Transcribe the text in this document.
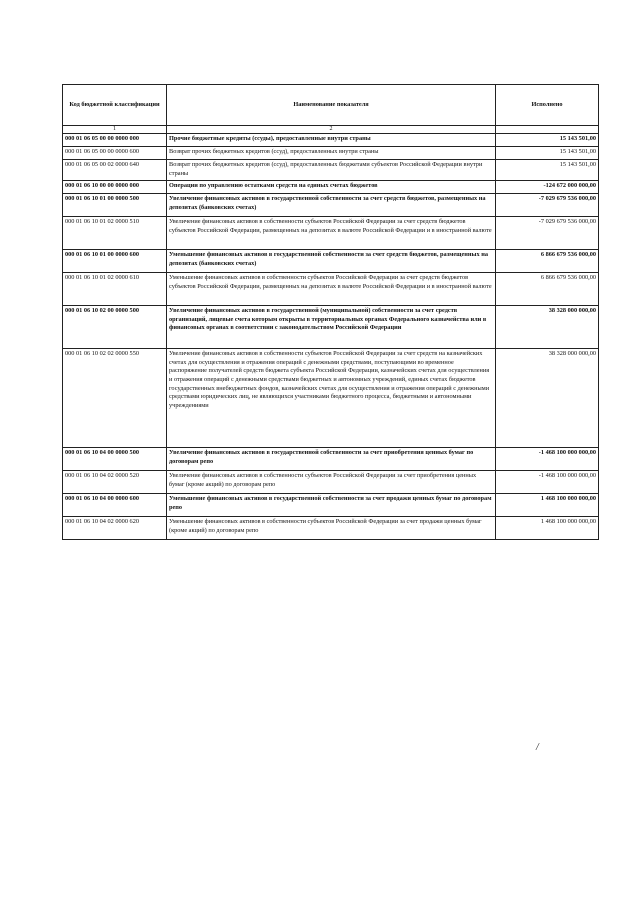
Код бюджетной классификации	Наименование показателя	Исполнено
1	2	
000 01 06 05 00 00 0000 000	Прочие бюджетные кредиты (ссуды), предоставленные внутри страны	15 143 501,00
000 01 06 05 00 00 0000 600	Возврат прочих бюджетных кредитов (ссуд), предоставленных внутри страны	15 143 501,00
000 01 06 05 00 02 0000 640	Возврат прочих бюджетных кредитов (ссуд), предоставленных бюджетами субъектов Российской Федерации внутри страны	15 143 501,00
000 01 06 10 00 00 0000 000	Операции по управлению остатками средств на единых счетах бюджетов	-124 672 000 000,00
000 01 06 10 01 00 0000 500	Увеличение финансовых активов в государственной собственности за счет средств бюджетов, размещенных на депозитах (банковских счетах)	-7 029 679 536 000,00
000 01 06 10 01 02 0000 510	Увеличение финансовых активов в собственности субъектов Российской Федерации за счет средств бюджетов субъектов Российской Федерации, размещенных на депозитах в валюте Российской Федерации и в иностранной валюте	-7 029 679 536 000,00
000 01 06 10 01 00 0000 600	Уменьшение финансовых активов в государственной собственности за счет средств бюджетов, размещенных на депозитах (банковских счетах)	6 866 679 536 000,00
000 01 06 10 01 02 0000 610	Уменьшение финансовых активов в собственности субъектов Российской Федерации за счет средств бюджетов субъектов Российской Федерации, размещенных на депозитах в валюте Российской Федерации и в иностранной валюте	6 866 679 536 000,00
000 01 06 10 02 00 0000 500	Увеличение финансовых активов в государственной (муниципальной) собственности за счет средств организаций, лицевые счета которым открыты в территориальных органах Федерального казначейства или в финансовых органах в соответствии с законодательством Российской Федерации	38 328 000 000,00
000 01 06 10 02 02 0000 550	Увеличение финансовых активов в собственности субъектов Российской Федерации за счет средств на казначейских счетах для осуществления и отражения операций с денежными средствами, поступающими во временное распоряжение получателей средств бюджета субъекта Российской Федерации, казначейских счетах для осуществления и отражения операций с денежными средствами бюджетных и автономных учреждений, единых счетах бюджетов государственных внебюджетных фондов, казначейских счетах для осуществления и отражения операций с денежными средствами юридических лиц, не являющихся участниками бюджетного процесса, бюджетными и автономными учреждениями	38 328 000 000,00
000 01 06 10 04 00 0000 500	Увеличение финансовых активов в государственной собственности за счет приобретения ценных бумаг по договорам репо	-1 468 100 000 000,00
000 01 06 10 04 02 0000 520	Увеличение финансовых активов в собственности субъектов Российской Федерации за счет приобретения ценных бумаг (кроме акций) по договорам репо	-1 468 100 000 000,00
000 01 06 10 04 00 0000 600	Уменьшение финансовых активов в государственной собственности за счет продажи ценных бумаг по договорам репо	1 468 100 000 000,00
000 01 06 10 04 02 0000 620	Уменьшение финансовых активов в собственности субъектов Российской Федерации за счет продажи ценных бумаг (кроме акций) по договорам репо	1 468 100 000 000,00
/
